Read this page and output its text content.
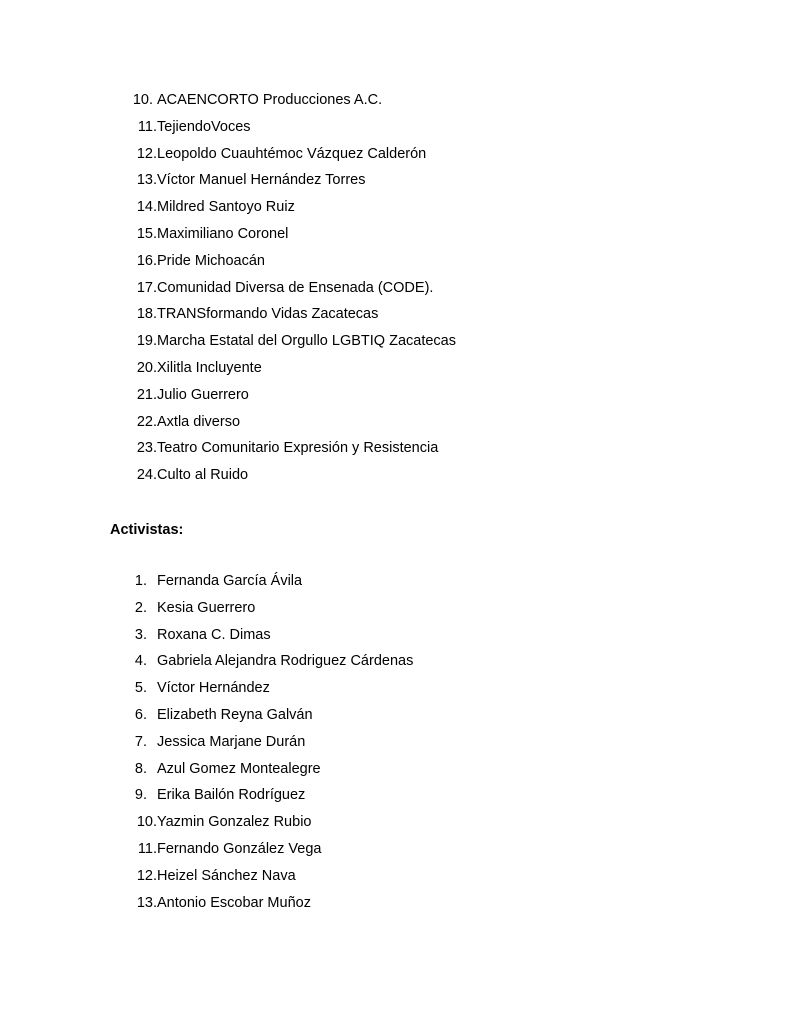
10. ACAENCORTO Producciones A.C.
11. TejiendoVoces
12. Leopoldo Cuauhtémoc Vázquez Calderón
13. Víctor Manuel Hernández Torres
14. Mildred Santoyo Ruiz
15. Maximiliano Coronel
16. Pride Michoacán
17. Comunidad Diversa de Ensenada (CODE).
18. TRANSformando Vidas Zacatecas
19. Marcha Estatal del Orgullo LGBTIQ Zacatecas
20. Xilitla Incluyente
21. Julio Guerrero
22. Axtla diverso
23. Teatro Comunitario Expresión y Resistencia
24. Culto al Ruido
Activistas:
1. Fernanda García Ávila
2. Kesia Guerrero
3. Roxana C. Dimas
4. Gabriela Alejandra Rodriguez Cárdenas
5. Víctor Hernández
6. Elizabeth Reyna Galván
7. Jessica Marjane Durán
8. Azul Gomez Montealegre
9. Erika Bailón Rodríguez
10. Yazmin Gonzalez Rubio
11. Fernando González Vega
12. Heizel Sánchez Nava
13. Antonio Escobar Muñoz
